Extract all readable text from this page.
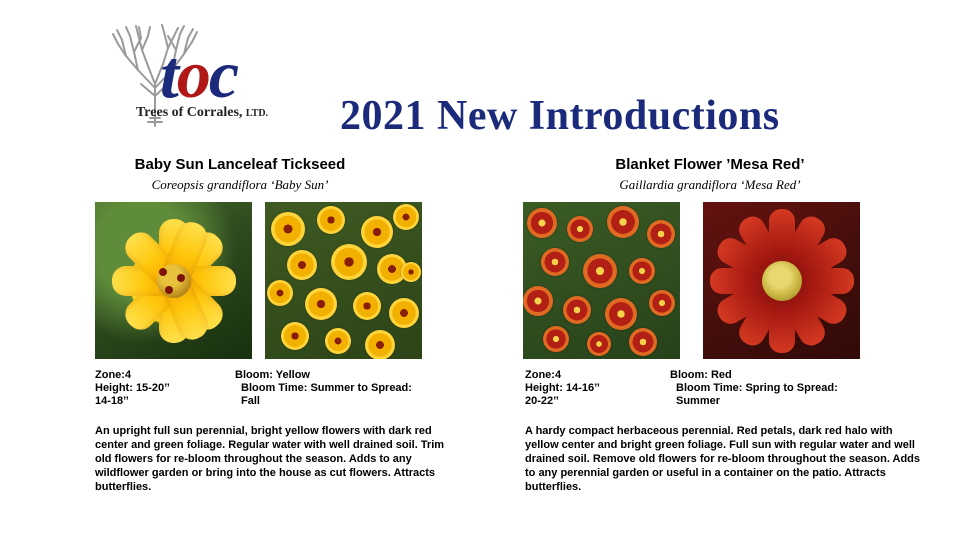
toc
Trees of Corrales, LTD. 2021 New Introductions
Baby Sun Lanceleaf Tickseed
Coreopsis grandiflora ‘Baby Sun’
Zone:4
Height: 15-20’’
14-18’’
Bloom: Yellow
Bloom Time: Summer to Spread:
Fall
An upright full sun perennial, bright yellow flowers with dark red center and green foliage. Regular water with well drained soil. Trim old flowers for re-bloom throughout the season. Adds to any wildflower garden or bring into the house as cut flowers. Attracts butterflies.
Blanket Flower ’Mesa Red’
Gaillardia grandiflora ‘Mesa Red’
Zone:4
Height: 14-16’’
20-22’’
Bloom: Red
Bloom Time: Spring to Spread:
Summer
A hardy compact herbaceous perennial. Red petals, dark red halo with yellow center and bright green foliage. Full sun with regular water and well drained soil. Remove old flowers for re-bloom throughout the season. Adds to any perennial garden or useful in a container on the patio. Attracts butterflies.
